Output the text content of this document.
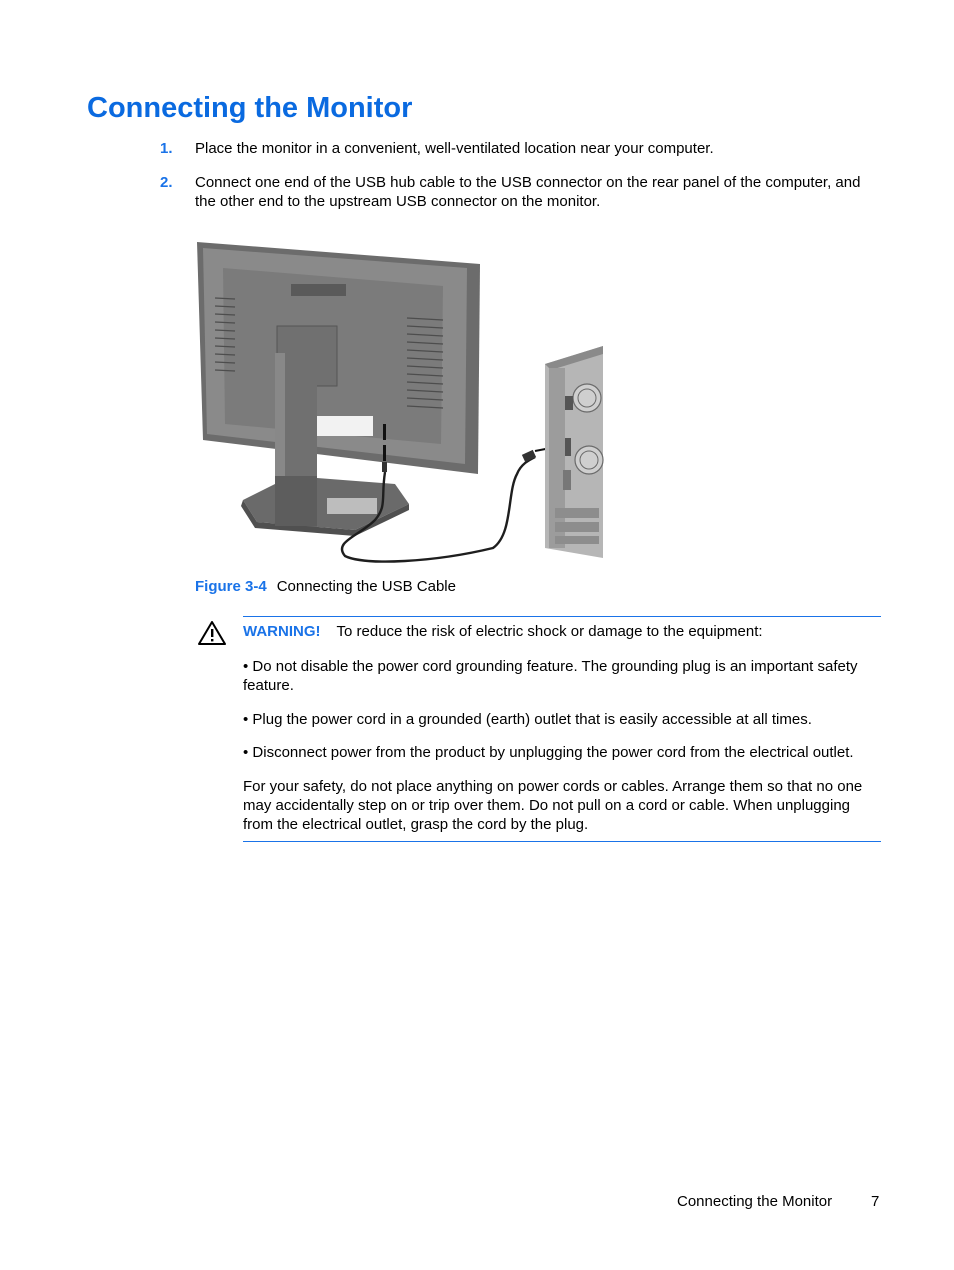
Connecting the Monitor
1. Place the monitor in a convenient, well-ventilated location near your computer.
2. Connect one end of the USB hub cable to the USB connector on the rear panel of the computer, and the other end to the upstream USB connector on the monitor.
Figure 3-4 Connecting the USB Cable
WARNING! To reduce the risk of electric shock or damage to the equipment:
• Do not disable the power cord grounding feature. The grounding plug is an important safety feature.
• Plug the power cord in a grounded (earth) outlet that is easily accessible at all times.
• Disconnect power from the product by unplugging the power cord from the electrical outlet.
For your safety, do not place anything on power cords or cables. Arrange them so that no one may accidentally step on or trip over them. Do not pull on a cord or cable. When unplugging from the electrical outlet, grasp the cord by the plug.
Connecting the Monitor	7
